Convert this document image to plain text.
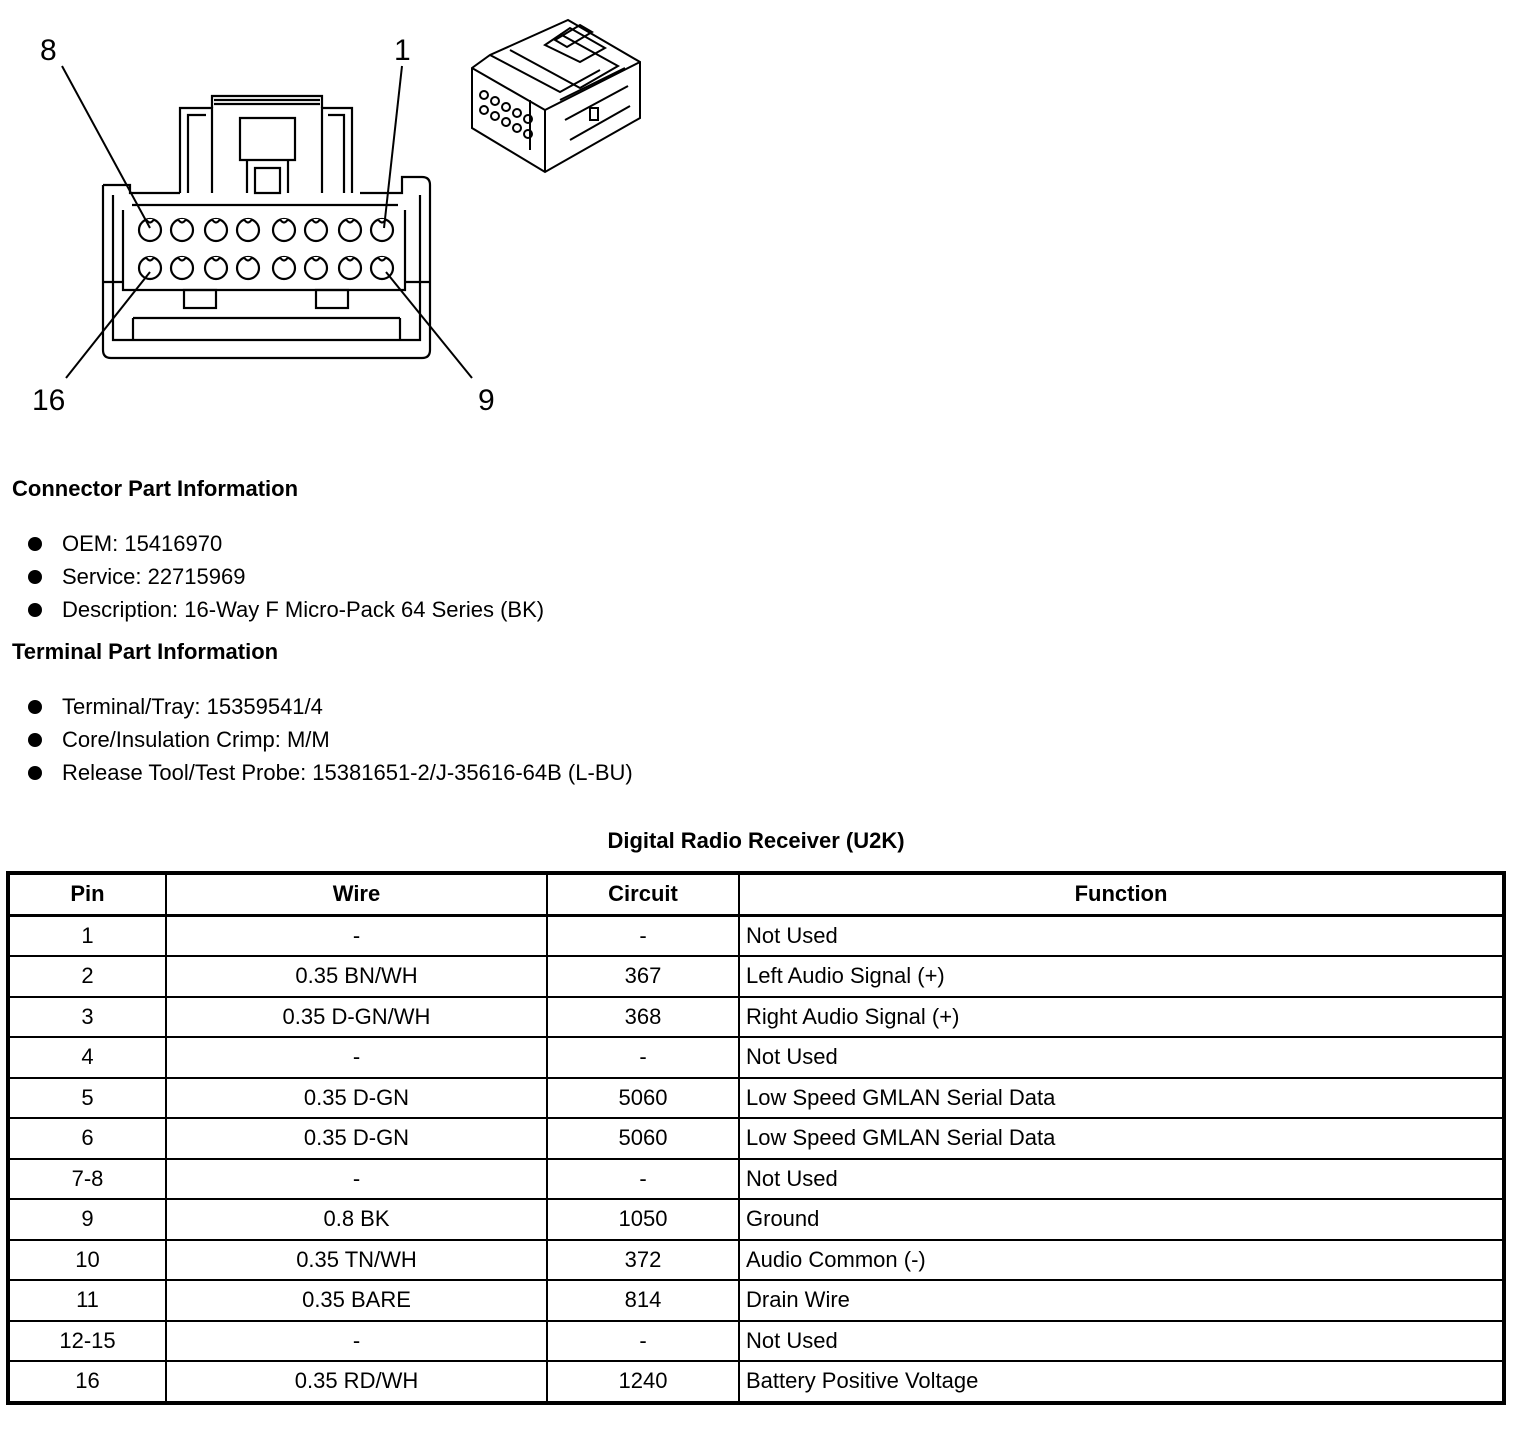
8	1
16	9
Connector Part Information
OEM: 15416970
Service: 22715969
Description: 16-Way F Micro-Pack 64 Series (BK)
Terminal Part Information
Terminal/Tray: 15359541/4
Core/Insulation Crimp: M/M
Release Tool/Test Probe: 15381651-2/J-35616-64B (L-BU)
Digital Radio Receiver (U2K)
Pin	Wire	Circuit	Function
1	-	-	Not Used
2	0.35 BN/WH	367	Left Audio Signal (+)
3	0.35 D-GN/WH	368	Right Audio Signal (+)
4	-	-	Not Used
5	0.35 D-GN	5060	Low Speed GMLAN Serial Data
6	0.35 D-GN	5060	Low Speed GMLAN Serial Data
7-8	-	-	Not Used
9	0.8 BK	1050	Ground
10	0.35 TN/WH	372	Audio Common (-)
11	0.35 BARE	814	Drain Wire
12-15	-	-	Not Used
16	0.35 RD/WH	1240	Battery Positive Voltage
